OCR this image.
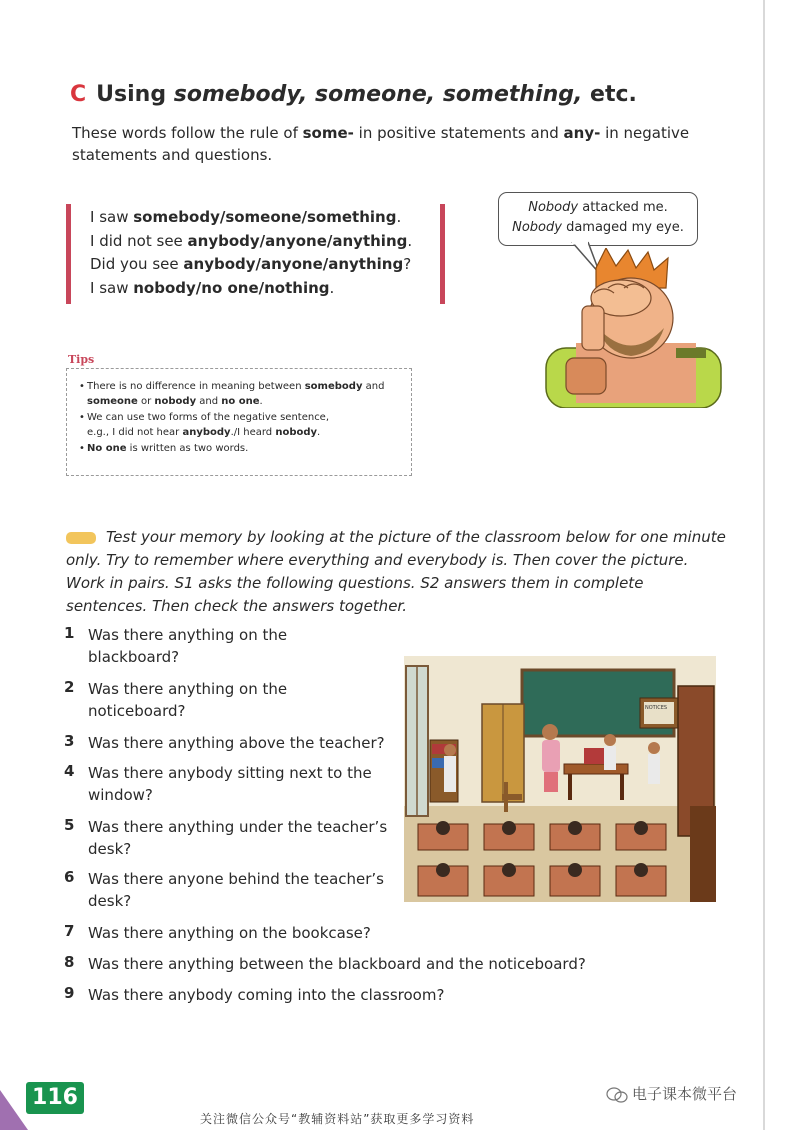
C Using somebody, someone, something, etc.
These words follow the rule of some- in positive statements and any- in negative statements and questions.
I saw somebody/someone/something.
I did not see anybody/anyone/anything.
Did you see anybody/anyone/anything?
I saw nobody/no one/nothing.
Nobody attacked me.
Nobody damaged my eye.
Tips
• There is no difference in meaning between somebody and
someone or nobody and no one.
• We can use two forms of the negative sentence,
e.g., I did not hear anybody./I heard nobody.
• No one is written as two words.
Test your memory by looking at the picture of the classroom below for one minute only. Try to remember where everything and everybody is. Then cover the picture. Work in pairs. S1 asks the following questions. S2 answers them in complete sentences. Then check the answers together.
1 Was there anything on the
blackboard?
2 Was there anything on the
noticeboard?
3 Was there anything above the teacher?
4 Was there anybody sitting next to the
window?
5 Was there anything under the teacher’s
desk?
6 Was there anyone behind the teacher’s
desk?
7 Was there anything on the bookcase?
8 Was there anything between the blackboard and the noticeboard?
9 Was there anybody coming into the classroom?
NOTICES
116
关注微信公众号“教辅资料站”获取更多学习资料
电子课本微平台
